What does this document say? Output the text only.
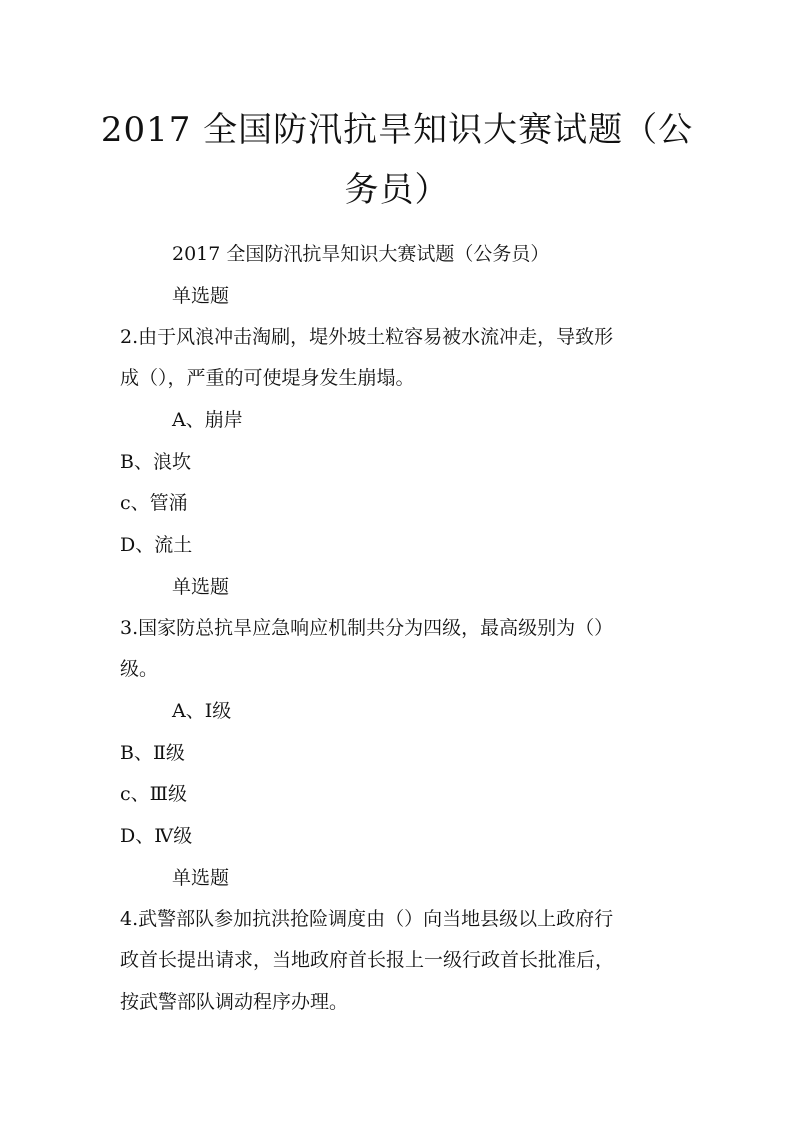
2017 全国防汛抗旱知识大赛试题（公
务员）
2017 全国防汛抗旱知识大赛试题（公务员）
单选题
2.由于风浪冲击淘刷，堤外坡土粒容易被水流冲走，导致形
成（），严重的可使堤身发生崩塌。
A、崩岸
B、浪坎
c、管涌
D、流土
单选题
3.国家防总抗旱应急响应机制共分为四级，最高级别为（）
级。
A、Ⅰ级
B、Ⅱ级
c、Ⅲ级
D、Ⅳ级
单选题
4.武警部队参加抗洪抢险调度由（）向当地县级以上政府行
政首长提出请求，当地政府首长报上一级行政首长批准后，
按武警部队调动程序办理。
